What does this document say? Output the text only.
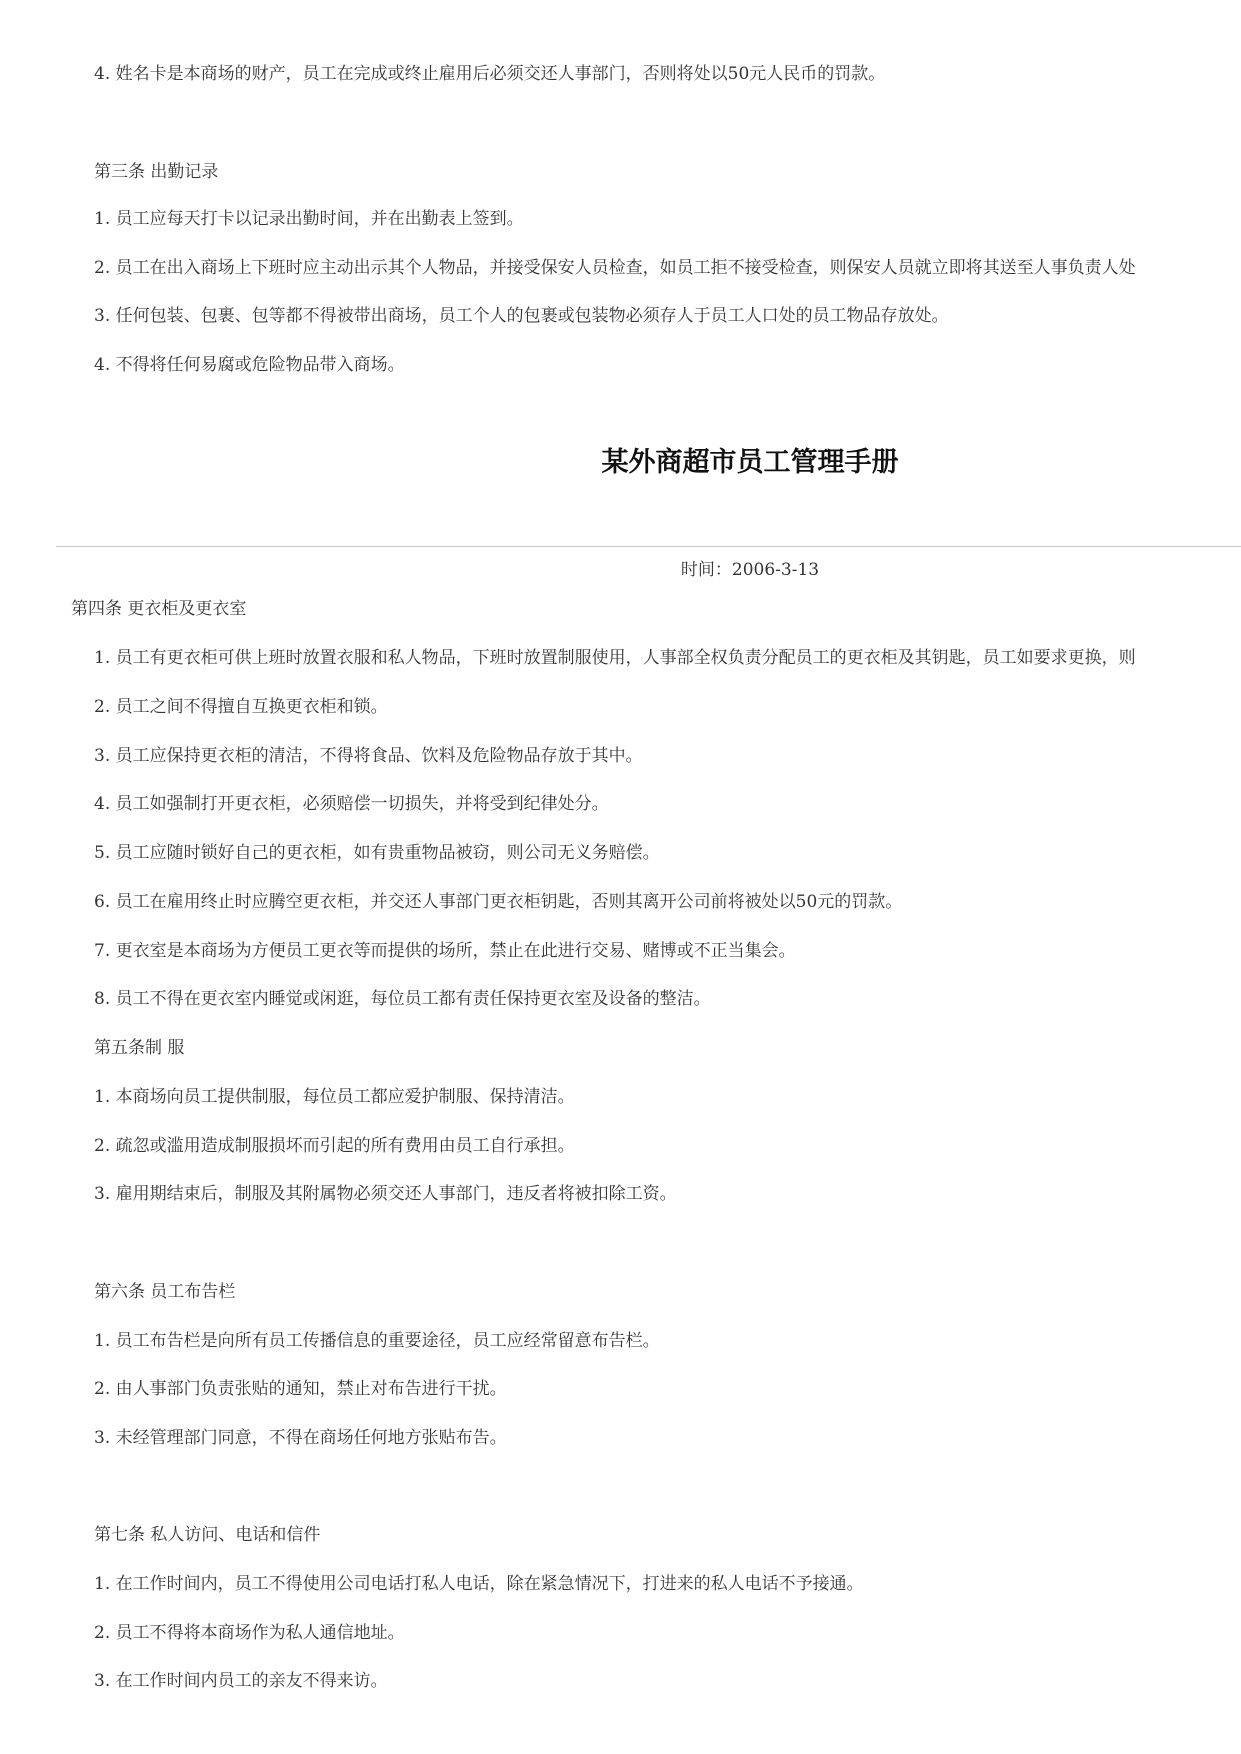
4. 姓名卡是本商场的财产，员工在完成或终止雇用后必须交还人事部门，否则将处以50元人民币的罚款。
第三条 出勤记录
1. 员工应每天打卡以记录出勤时间，并在出勤表上签到。
2. 员工在出入商场上下班时应主动出示其个人物品，并接受保安人员检查，如员工拒不接受检查，则保安人员就立即将其送至人事负责人处
3. 任何包装、包裹、包等都不得被带出商场，员工个人的包裹或包装物必须存人于员工人口处的员工物品存放处。
4. 不得将任何易腐或危险物品带入商场。
某外商超市员工管理手册
时间：2006-3-13
第四条 更衣柜及更衣室
1. 员工有更衣柜可供上班时放置衣服和私人物品，下班时放置制服使用，人事部全权负责分配员工的更衣柜及其钥匙，员工如要求更换，则
2. 员工之间不得擅自互换更衣柜和锁。
3. 员工应保持更衣柜的清洁，不得将食品、饮料及危险物品存放于其中。
4. 员工如强制打开更衣柜，必须赔偿一切损失，并将受到纪律处分。
5. 员工应随时锁好自己的更衣柜，如有贵重物品被窃，则公司无义务赔偿。
6. 员工在雇用终止时应腾空更衣柜，并交还人事部门更衣柜钥匙，否则其离开公司前将被处以50元的罚款。
7. 更衣室是本商场为方便员工更衣等而提供的场所，禁止在此进行交易、赌博或不正当集会。
8. 员工不得在更衣室内睡觉或闲逛，每位员工都有责任保持更衣室及设备的整洁。
第五条制 服
1. 本商场向员工提供制服，每位员工都应爱护制服、保持清洁。
2. 疏忽或滥用造成制服损坏而引起的所有费用由员工自行承担。
3. 雇用期结束后，制服及其附属物必须交还人事部门，违反者将被扣除工资。
第六条 员工布告栏
1. 员工布告栏是向所有员工传播信息的重要途径，员工应经常留意布告栏。
2. 由人事部门负责张贴的通知，禁止对布告进行干扰。
3. 未经管理部门同意，不得在商场任何地方张贴布告。
第七条 私人访问、电话和信件
1. 在工作时间内，员工不得使用公司电话打私人电话，除在紧急情况下，打进来的私人电话不予接通。
2. 员工不得将本商场作为私人通信地址。
3. 在工作时间内员工的亲友不得来访。
